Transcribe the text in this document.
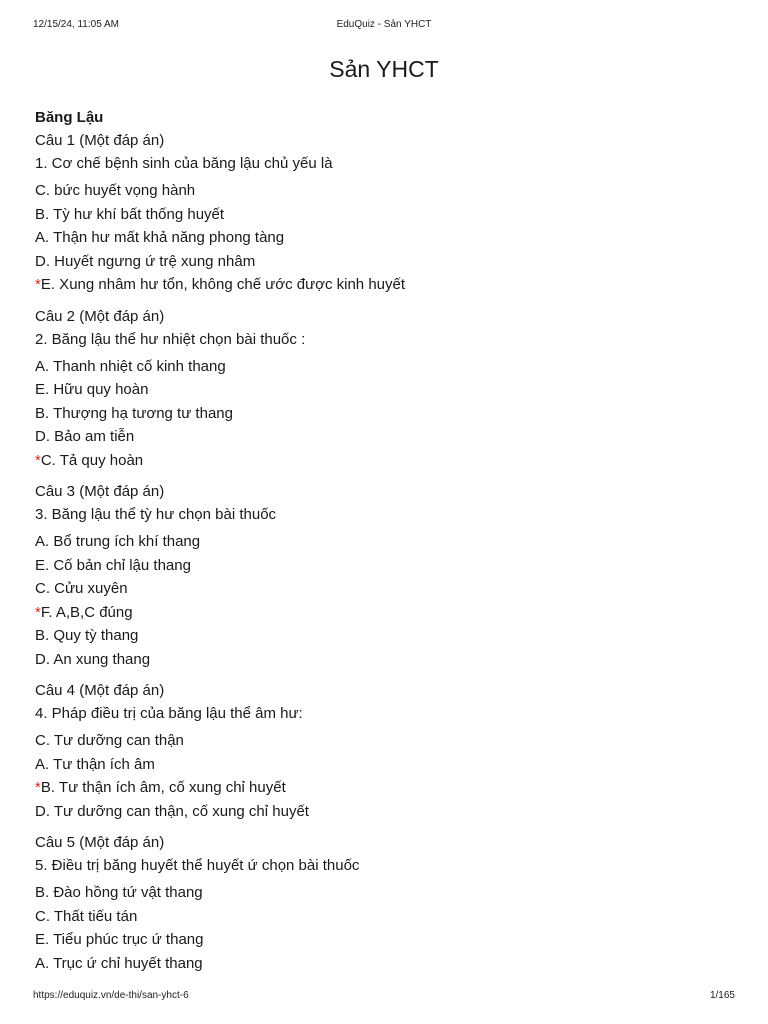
12/15/24, 11:05 AM	EduQuiz - Sản YHCT
Sản YHCT
Băng Lậu
Câu 1 (Một đáp án)
1. Cơ chế bệnh sinh của băng lậu chủ yếu là
C. bức huyết vọng hành
B. Tỳ hư khí bất thống huyết
A. Thận hư mất khả năng phong tàng
D. Huyết ngưng ứ trệ xung nhâm
*E. Xung nhâm hư tổn, không chế ước được kinh huyết
Câu 2 (Một đáp án)
2. Băng lậu thể hư nhiệt chọn bài thuốc :
A. Thanh nhiệt cố kinh thang
E. Hữu quy hoàn
B. Thượng hạ tương tư thang
D. Bảo am tiễn
*C. Tả quy hoàn
Câu 3 (Một đáp án)
3. Băng lậu thể tỳ hư chọn bài thuốc
A. Bổ trung ích khí thang
E. Cố bản chỉ lậu thang
C. Cửu xuyên
*F. A,B,C đúng
B. Quy tỳ thang
D. An xung thang
Câu 4 (Một đáp án)
4. Pháp điều trị của băng lậu thể âm hư:
C. Tư dưỡng can thận
A. Tư thận ích âm
*B. Tư thận ích âm, cố xung chỉ huyết
D. Tư dưỡng can thận, cố xung chỉ huyết
Câu 5 (Một đáp án)
5. Điều trị băng huyết thể huyết ứ chọn bài thuốc
B. Đào hồng tứ vật thang
C. Thất tiếu tán
E. Tiểu phúc trục ứ thang
A. Trục ứ chỉ huyết thang
https://eduquiz.vn/de-thi/san-yhct-6	1/165
